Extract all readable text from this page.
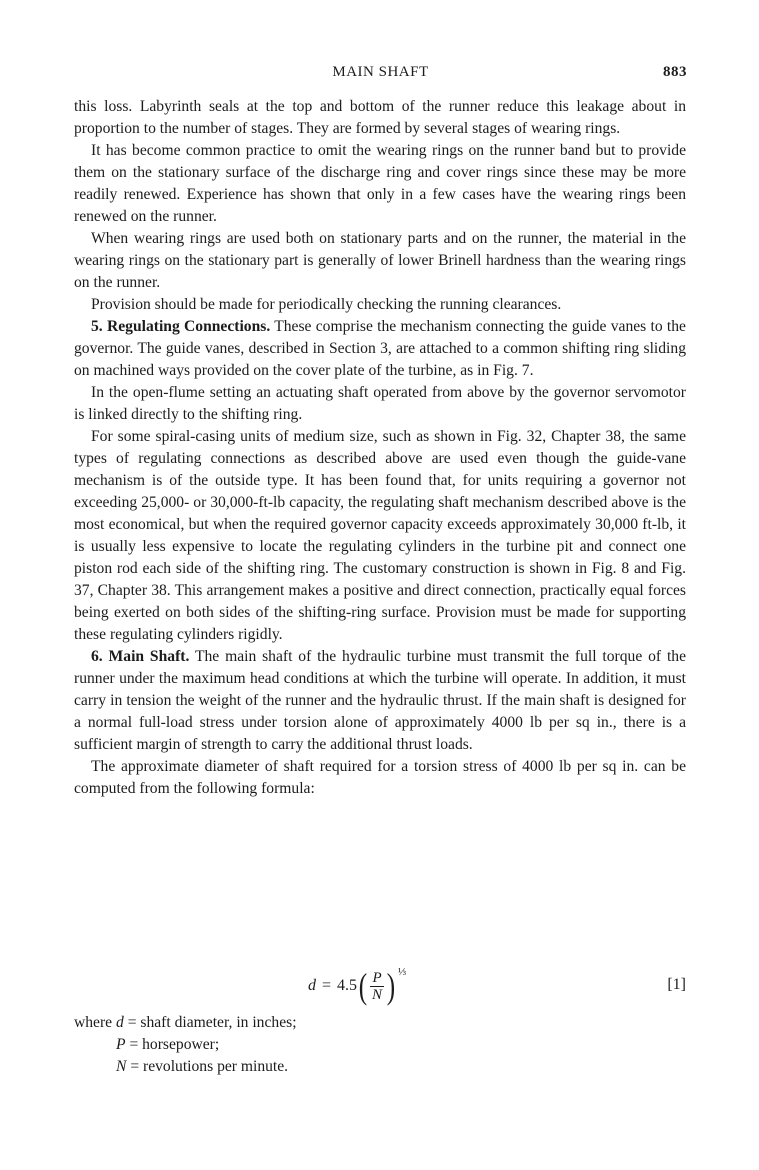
MAIN SHAFT	883

this loss. Labyrinth seals at the top and bottom of the runner reduce this leakage about in proportion to the number of stages. They are formed by several stages of wearing rings.

It has become common practice to omit the wearing rings on the runner band but to provide them on the stationary surface of the discharge ring and cover rings since these may be more readily renewed. Experience has shown that only in a few cases have the wearing rings been renewed on the runner.

When wearing rings are used both on stationary parts and on the runner, the material in the wearing rings on the stationary part is generally of lower Brinell hardness than the wearing rings on the runner.

Provision should be made for periodically checking the running clearances.

5. Regulating Connections. These comprise the mechanism connecting the guide vanes to the governor. The guide vanes, described in Section 3, are attached to a common shifting ring sliding on machined ways provided on the cover plate of the turbine, as in Fig. 7.

In the open-flume setting an actuating shaft operated from above by the governor servomotor is linked directly to the shifting ring.

For some spiral-casing units of medium size, such as shown in Fig. 32, Chapter 38, the same types of regulating connections as described above are used even though the guide-vane mechanism is of the outside type. It has been found that, for units requiring a governor not exceeding 25,000- or 30,000-ft-lb capacity, the regulating shaft mechanism described above is the most economical, but when the required governor capacity exceeds approximately 30,000 ft-lb, it is usually less expensive to locate the regulating cylinders in the turbine pit and connect one piston rod each side of the shifting ring. The customary construction is shown in Fig. 8 and Fig. 37, Chapter 38. This arrangement makes a positive and direct connection, practically equal forces being exerted on both sides of the shifting-ring surface. Provision must be made for supporting these regulating cylinders rigidly.

6. Main Shaft. The main shaft of the hydraulic turbine must transmit the full torque of the runner under the maximum head conditions at which the turbine will operate. In addition, it must carry in tension the weight of the runner and the hydraulic thrust. If the main shaft is designed for a normal full-load stress under torsion alone of approximately 4000 lb per sq in., there is a sufficient margin of strength to carry the additional thrust loads.

The approximate diameter of shaft required for a torsion stress of 4000 lb per sq in. can be computed from the following formula:

d = 4.5 ( $\frac{P}{N}$ ) ⅓
[1]
where d = shaft diameter, in inches;
P = horsepower;
N = revolutions per minute.
